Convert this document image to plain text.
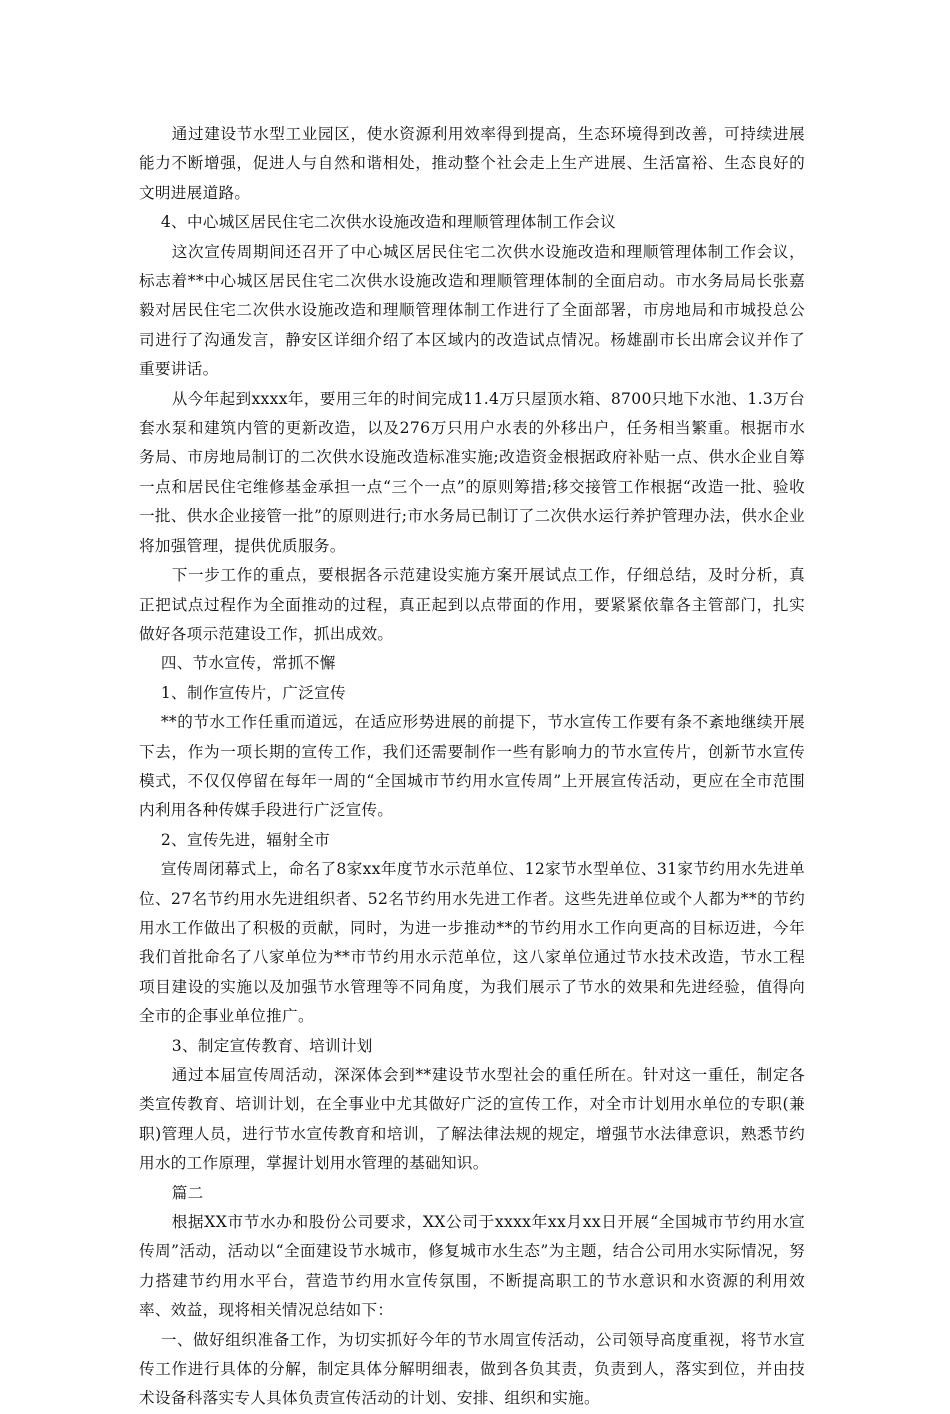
通过建设节水型工业园区，使水资源利用效率得到提高，生态环境得到改善，可持续进展能力不断增强，促进人与自然和谐相处，推动整个社会走上生产进展、生活富裕、生态良好的文明进展道路。

4、中心城区居民住宅二次供水设施改造和理顺管理体制工作会议

这次宣传周期间还召开了中心城区居民住宅二次供水设施改造和理顺管理体制工作会议，标志着**中心城区居民住宅二次供水设施改造和理顺管理体制的全面启动。市水务局局长张嘉毅对居民住宅二次供水设施改造和理顺管理体制工作进行了全面部署，市房地局和市城投总公司进行了沟通发言，静安区详细介绍了本区域内的改造试点情况。杨雄副市长出席会议并作了重要讲话。

从今年起到xxxx年，要用三年的时间完成11.4万只屋顶水箱、8700只地下水池、1.3万台套水泵和建筑内管的更新改造，以及276万只用户水表的外移出户，任务相当繁重。根据市水务局、市房地局制订的二次供水设施改造标准实施;改造资金根据政府补贴一点、供水企业自筹一点和居民住宅维修基金承担一点“三个一点”的原则筹措;移交接管工作根据“改造一批、验收一批、供水企业接管一批”的原则进行;市水务局已制订了二次供水运行养护管理办法，供水企业将加强管理，提供优质服务。

下一步工作的重点，要根据各示范建设实施方案开展试点工作，仔细总结，及时分析，真正把试点过程作为全面推动的过程，真正起到以点带面的作用，要紧紧依靠各主管部门，扎实做好各项示范建设工作，抓出成效。

四、节水宣传，常抓不懈

1、制作宣传片，广泛宣传

**的节水工作任重而道远，在适应形势进展的前提下，节水宣传工作要有条不紊地继续开展下去，作为一项长期的宣传工作，我们还需要制作一些有影响力的节水宣传片，创新节水宣传模式，不仅仅停留在每年一周的“全国城市节约用水宣传周”上开展宣传活动，更应在全市范围内利用各种传媒手段进行广泛宣传。

2、宣传先进，辐射全市

宣传周闭幕式上，命名了8家xx年度节水示范单位、12家节水型单位、31家节约用水先进单位、27名节约用水先进组织者、52名节约用水先进工作者。这些先进单位或个人都为**的节约用水工作做出了积极的贡献，同时，为进一步推动**的节约用水工作向更高的目标迈进，今年我们首批命名了八家单位为**市节约用水示范单位，这八家单位通过节水技术改造，节水工程项目建设的实施以及加强节水管理等不同角度，为我们展示了节水的效果和先进经验，值得向全市的企事业单位推广。

3、制定宣传教育、培训计划

通过本届宣传周活动，深深体会到**建设节水型社会的重任所在。针对这一重任，制定各类宣传教育、培训计划，在全事业中尤其做好广泛的宣传工作，对全市计划用水单位的专职(兼职)管理人员，进行节水宣传教育和培训，了解法律法规的规定，增强节水法律意识，熟悉节约用水的工作原理，掌握计划用水管理的基础知识。

篇二

根据XX市节水办和股份公司要求，XX公司于xxxx年xx月xx日开展“全国城市节约用水宣传周”活动，活动以“全面建设节水城市，修复城市水生态”为主题，结合公司用水实际情况，努力搭建节约用水平台，营造节约用水宣传氛围，不断提高职工的节水意识和水资源的利用效率、效益，现将相关情况总结如下：

一、做好组织准备工作，为切实抓好今年的节水周宣传活动，公司领导高度重视，将节水宣传工作进行具体的分解，制定具体分解明细表，做到各负其责，负责到人，落实到位，并由技术设备科落实专人具体负责宣传活动的计划、安排、组织和实施。
